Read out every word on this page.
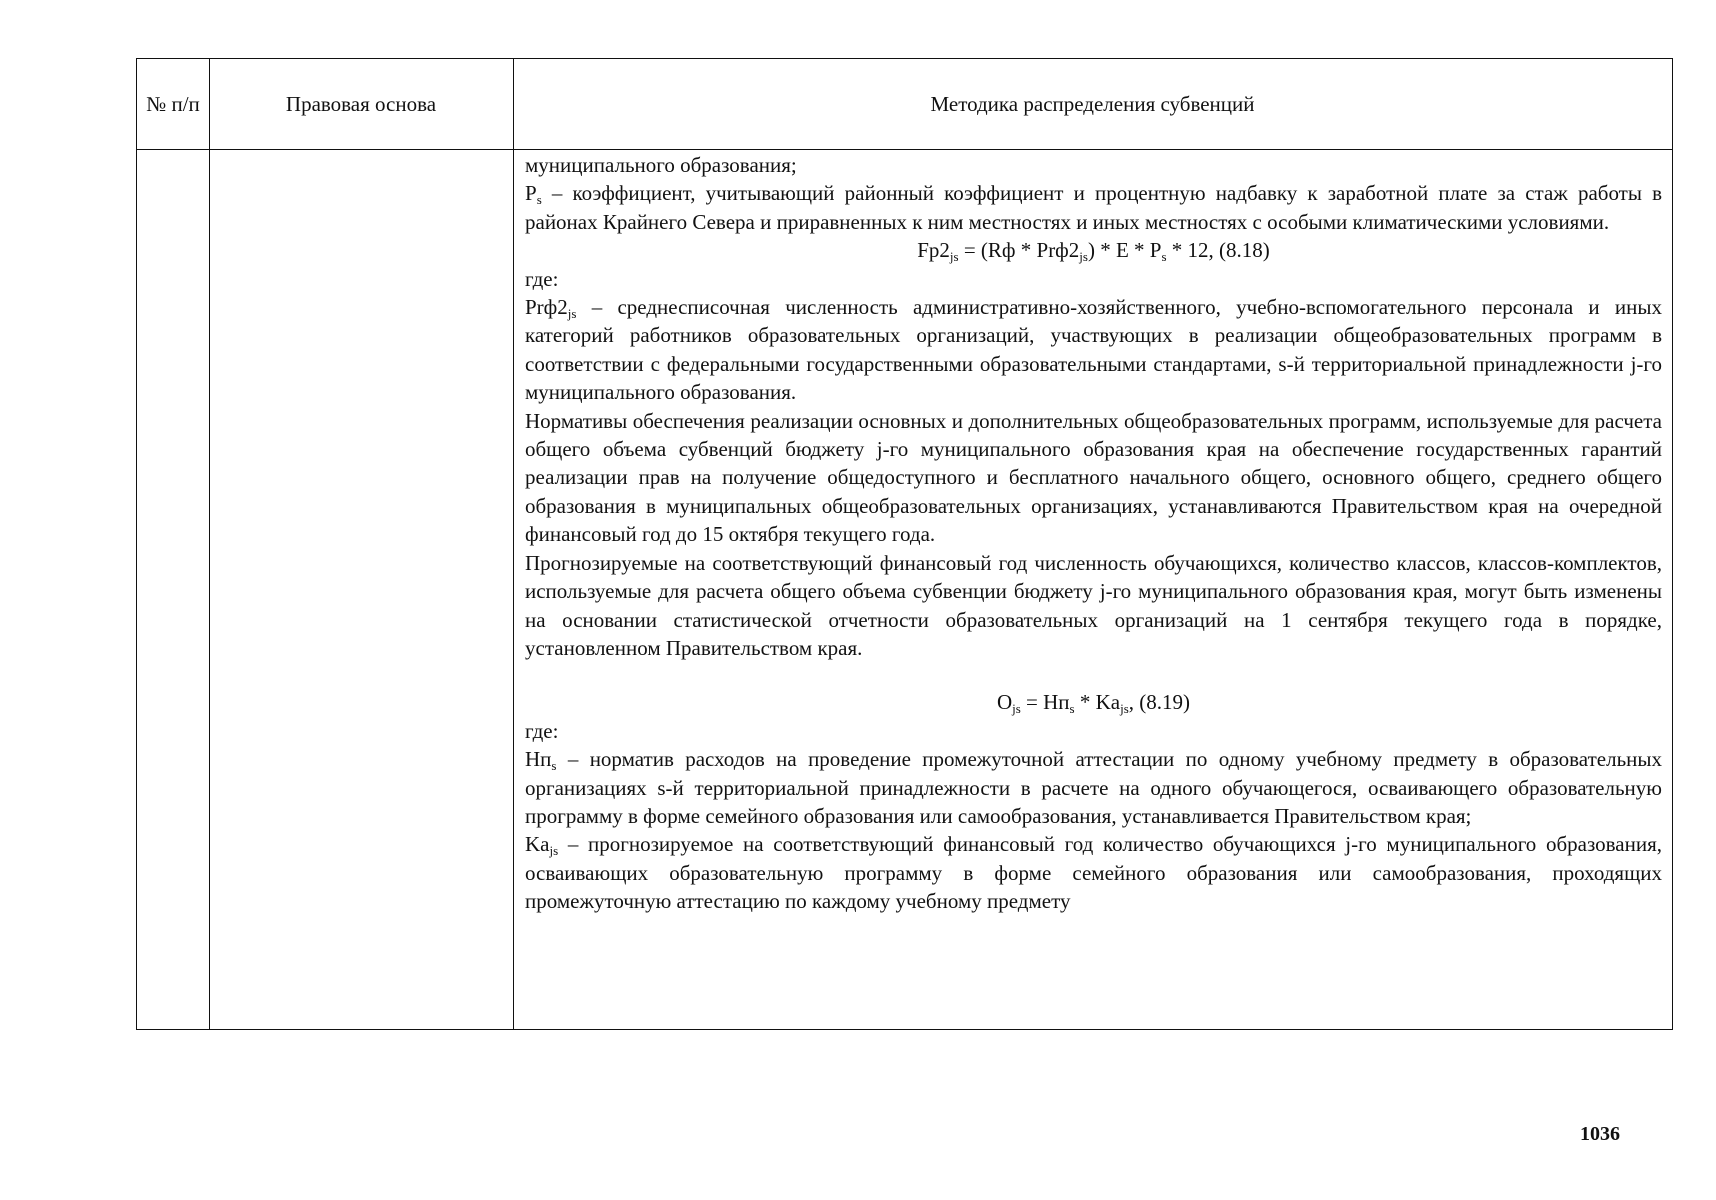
№ п/п	Правовая основа	Методика распределения субвенций

муниципального образования;

$P_s$ – коэффициент, учитывающий районный коэффициент и процентную надбавку к заработной плате за стаж работы в районах Крайнего Севера и приравненных к ним местностях и иных местностях с особыми климатическими условиями.

$Fp2_{js} = (Rф * Prф2_{js}) * E * P_s * 12$, (8.18)

где:

$Prф2_{js}$ – среднесписочная численность административно-хозяйственного, учебно-вспомогательного персонала и иных категорий работников образовательных организаций, участвующих в реализации общеобразовательных программ в соответствии с федеральными государственными образовательными стандартами, s-й территориальной принадлежности j-го муниципального образования.

Нормативы обеспечения реализации основных и дополнительных общеобразовательных программ, используемые для расчета общего объема субвенций бюджету j-го муниципального образования края на обеспечение государственных гарантий реализации прав на получение общедоступного и бесплатного начального общего, основного общего, среднего общего образования в муниципальных общеобразовательных организациях, устанавливаются Правительством края на очередной финансовый год до 15 октября текущего года.

Прогнозируемые на соответствующий финансовый год численность обучающихся, количество классов, классов-комплектов, используемые для расчета общего объема субвенции бюджету j-го муниципального образования края, могут быть изменены на основании статистической отчетности образовательных организаций на 1 сентября текущего года в порядке, установленном Правительством края.

$O_{js} = Hп_s * Ka_{js}$, (8.19)

где:

$Hп_s$ – норматив расходов на проведение промежуточной аттестации по одному учебному предмету в образовательных организациях s-й территориальной принадлежности в расчете на одного обучающегося, осваивающего образовательную программу в форме семейного образования или самообразования, устанавливается Правительством края;

$Ka_{js}$ – прогнозируемое на соответствующий финансовый год количество обучающихся j-го муниципального образования, осваивающих образовательную программу в форме семейного образования или самообразования, проходящих промежуточную аттестацию по каждому учебному предмету

1036
